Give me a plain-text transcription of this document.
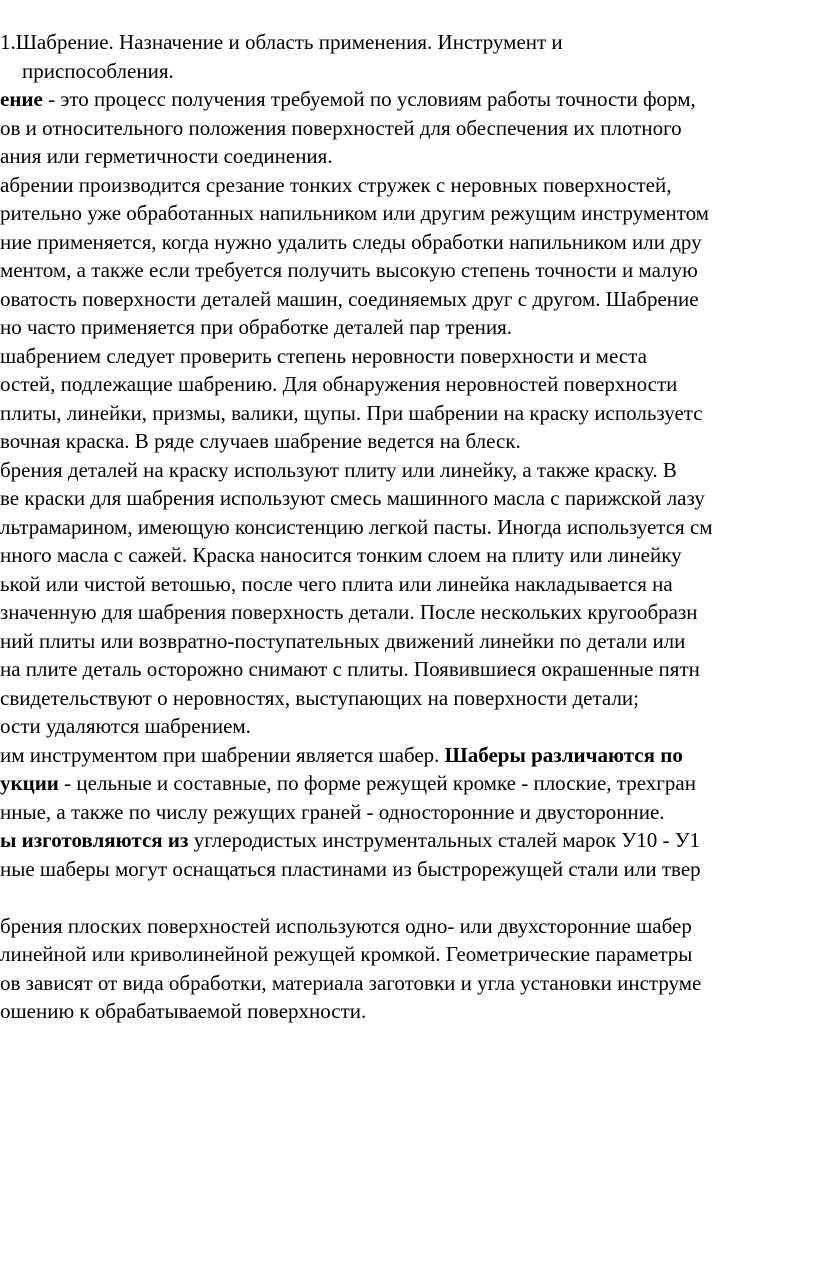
1.Шабрение. Назначение и область применения. Инструмент и
приспособления.
ение - это процесс получения требуемой по условиям работы точности форм,
ов и относительного положения поверхностей для обеспечения их плотного
ания или герметичности соединения.
абрении производится срезание тонких стружек с неровных поверхностей,
рительно уже обработанных напильником или другим режущим инструментом
ние применяется, когда нужно удалить следы обработки напильником или дру
ментом, а также если требуется получить высокую степень точности и малую
оватость поверхности деталей машин, соединяемых друг с другом. Шабрение
но часто применяется при обработке деталей пар трения.
шабрением следует проверить степень неровности поверхности и места
остей, подлежащие шабрению. Для обнаружения неровностей поверхности
плиты, линейки, призмы, валики, щупы. При шабрении на краску используетс
вочная краска. В ряде случаев шабрение ведется на блеск.
брения деталей на краску используют плиту или линейку, а также краску. В
ве краски для шабрения используют смесь машинного масла с парижской лазу
льтрамарином, имеющую консистенцию легкой пасты. Иногда используется см
нного масла с сажей. Краска наносится тонким слоем на плиту или линейку
ькой или чистой ветошью, после чего плита или линейка накладывается на
значенную для шабрения поверхность детали. После нескольких кругообразн
ний плиты или возвратно-поступательных движений линейки по детали или
на плите деталь осторожно снимают с плиты. Появившиеся окрашенные пятн
свидетельствуют о неровностях, выступающих на поверхности детали;
ости удаляются шабрением.
им инструментом при шабрении является шабер. Шаберы различаются по
укции - цельные и составные, по форме режущей кромке - плоские, трехгран
нные, а также по числу режущих граней - односторонние и двусторонние.
ы изготовляются из углеродистых инструментальных сталей марок У10 - У1
ные шаберы могут оснащаться пластинами из быстрорежущей стали или твер
брения плоских поверхностей используются одно- или двухсторонние шабер
линейной или криволинейной режущей кромкой. Геометрические параметры
ов зависят от вида обработки, материала заготовки и угла установки инструме
ошению к обрабатываемой поверхности.
